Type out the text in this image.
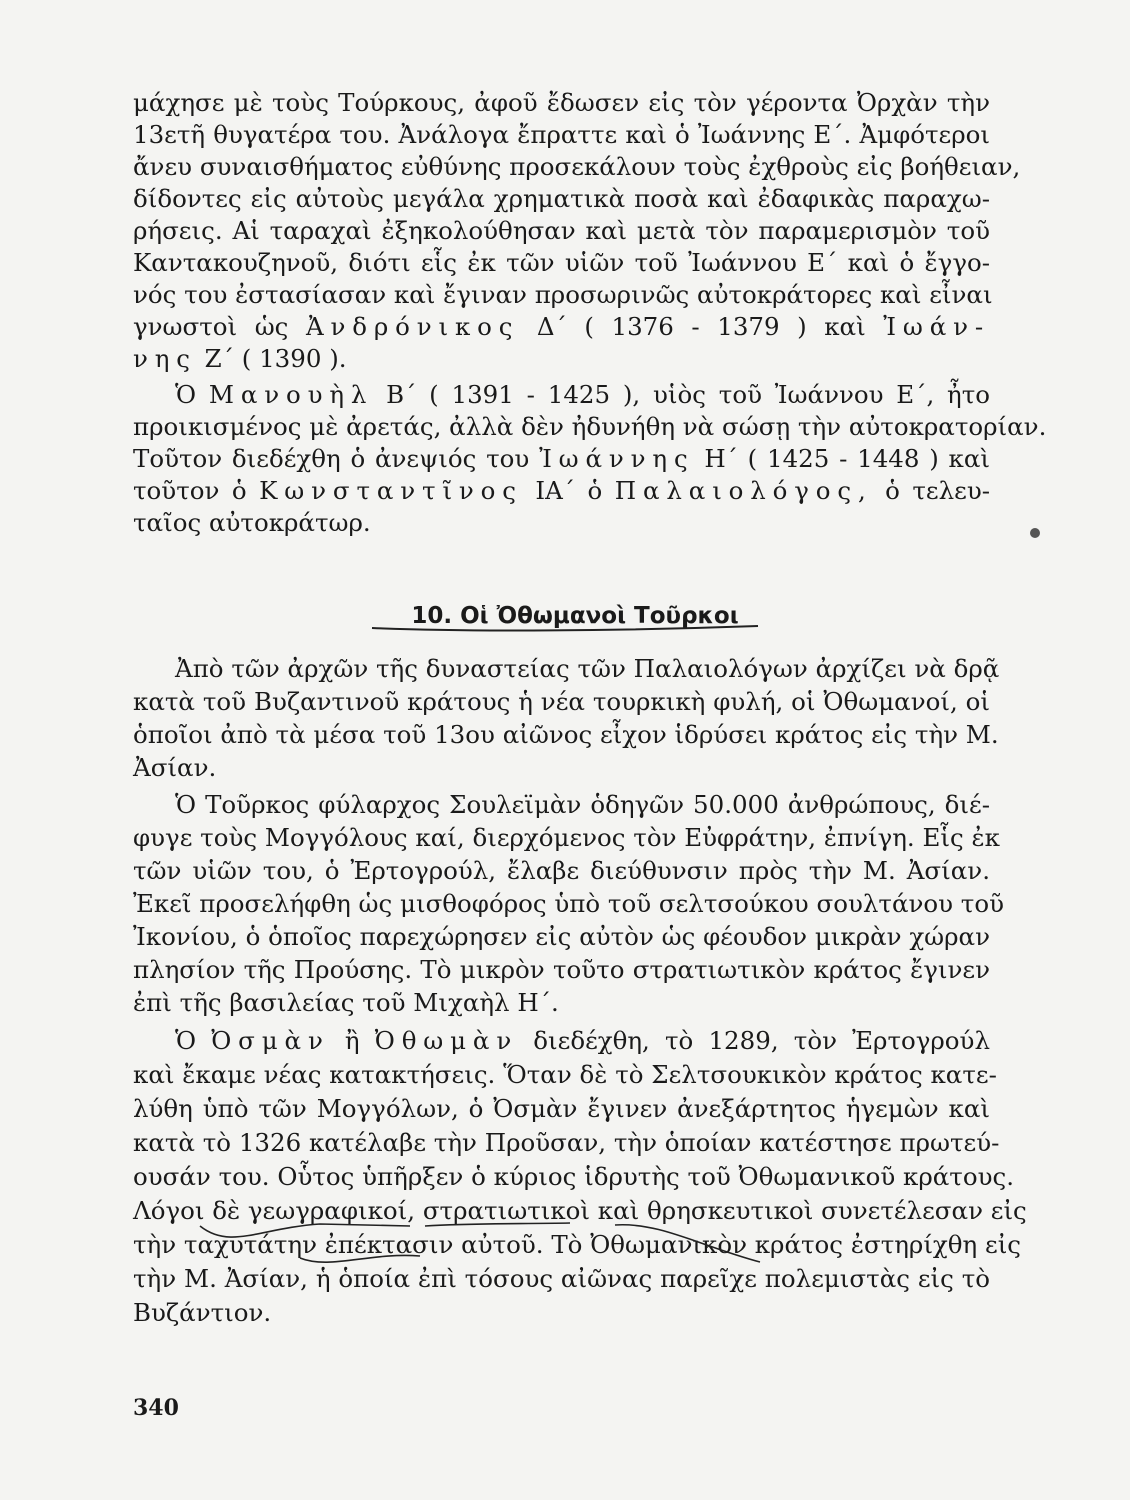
μάχησε μὲ τοὺς Τούρκους, ἀφοῦ ἔδωσεν εἰς τὸν γέροντα Ὀρχὰν τὴν
13ετῆ θυγατέρα του. Ἀνάλογα ἔπραττε καὶ ὁ Ἰωάννης Ε΄. Ἀμφότεροι
ἄνευ συναισθήματος εὐθύνης προσεκάλουν τοὺς ἐχθροὺς εἰς βοήθειαν,
δίδοντες εἰς αὐτοὺς μεγάλα χρηματικὰ ποσὰ καὶ ἐδαφικὰς παραχω-
ρήσεις. Αἱ ταραχαὶ ἐξηκολούθησαν καὶ μετὰ τὸν παραμερισμὸν τοῦ
Καντακουζηνοῦ, διότι εἷς ἐκ τῶν υἱῶν τοῦ Ἰωάννου Ε΄ καὶ ὁ ἔγγο-
νός του ἐστασίασαν καὶ ἔγιναν προσωρινῶς αὐτοκράτορες καὶ εἶναι
γνωστοὶ ὡς Ἀνδρόνικος Δ΄ ( 1376 - 1379 ) καὶ Ἰωάν-
νης Ζ΄ ( 1390 ).
Ὁ Μανουὴλ Β΄ ( 1391 - 1425 ), υἱὸς τοῦ Ἰωάννου Ε΄, ἦτο
προικισμένος μὲ ἀρετάς, ἀλλὰ δὲν ἠδυνήθη νὰ σώσῃ τὴν αὐτοκρατορίαν.
Τοῦτον διεδέχθη ὁ ἀνεψιός του Ἰωάννης Η΄ ( 1425 - 1448 ) καὶ
τοῦτον ὁ Κωνσταντῖνος ΙΑ΄ ὁ Παλαιολόγος, ὁ τελευ-
ταῖος αὐτοκράτωρ.
10. Οἱ Ὀθωμανοὶ Τοῦρκοι
Ἀπὸ τῶν ἀρχῶν τῆς δυναστείας τῶν Παλαιολόγων ἀρχίζει νὰ δρᾷ
κατὰ τοῦ Βυζαντινοῦ κράτους ἡ νέα τουρκικὴ φυλή, οἱ Ὀθωμανοί, οἱ
ὁποῖοι ἀπὸ τὰ μέσα τοῦ 13ου αἰῶνος εἶχον ἱδρύσει κράτος εἰς τὴν Μ.
Ἀσίαν.
Ὁ Τοῦρκος φύλαρχος Σουλεϊμὰν ὁδηγῶν 50.000 ἀνθρώπους, διέ-
φυγε τοὺς Μογγόλους καί, διερχόμενος τὸν Εὐφράτην, ἐπνίγη. Εἷς ἐκ
τῶν υἱῶν του, ὁ Ἐρτογρούλ, ἔλαβε διεύθυνσιν πρὸς τὴν Μ. Ἀσίαν.
Ἐκεῖ προσελήφθη ὡς μισθοφόρος ὑπὸ τοῦ σελτσούκου σουλτάνου τοῦ
Ἰκονίου, ὁ ὁποῖος παρεχώρησεν εἰς αὐτὸν ὡς φέουδον μικρὰν χώραν
πλησίον τῆς Προύσης. Τὸ μικρὸν τοῦτο στρατιωτικὸν κράτος ἔγινεν
ἐπὶ τῆς βασιλείας τοῦ Μιχαὴλ Η΄.
Ὁ Ὀσμὰν ἢ Ὀθωμὰν διεδέχθη, τὸ 1289, τὸν Ἐρτογρούλ
καὶ ἔκαμε νέας κατακτήσεις. Ὅταν δὲ τὸ Σελτσουκικὸν κράτος κατε-
λύθη ὑπὸ τῶν Μογγόλων, ὁ Ὀσμὰν ἔγινεν ἀνεξάρτητος ἡγεμὼν καὶ
κατὰ τὸ 1326 κατέλαβε τὴν Προῦσαν, τὴν ὁποίαν κατέστησε πρωτεύ-
ουσάν του. Οὗτος ὑπῆρξεν ὁ κύριος ἱδρυτὴς τοῦ Ὀθωμανικοῦ κράτους.
Λόγοι δὲ γεωγραφικοί, στρατιωτικοὶ καὶ θρησκευτικοὶ συνετέλεσαν εἰς
τὴν ταχυτάτην ἐπέκτασιν αὐτοῦ. Τὸ Ὀθωμανικὸν κράτος ἐστηρίχθη εἰς
τὴν Μ. Ἀσίαν, ἡ ὁποία ἐπὶ τόσους αἰῶνας παρεῖχε πολεμιστὰς εἰς τὸ
Βυζάντιον.
340
